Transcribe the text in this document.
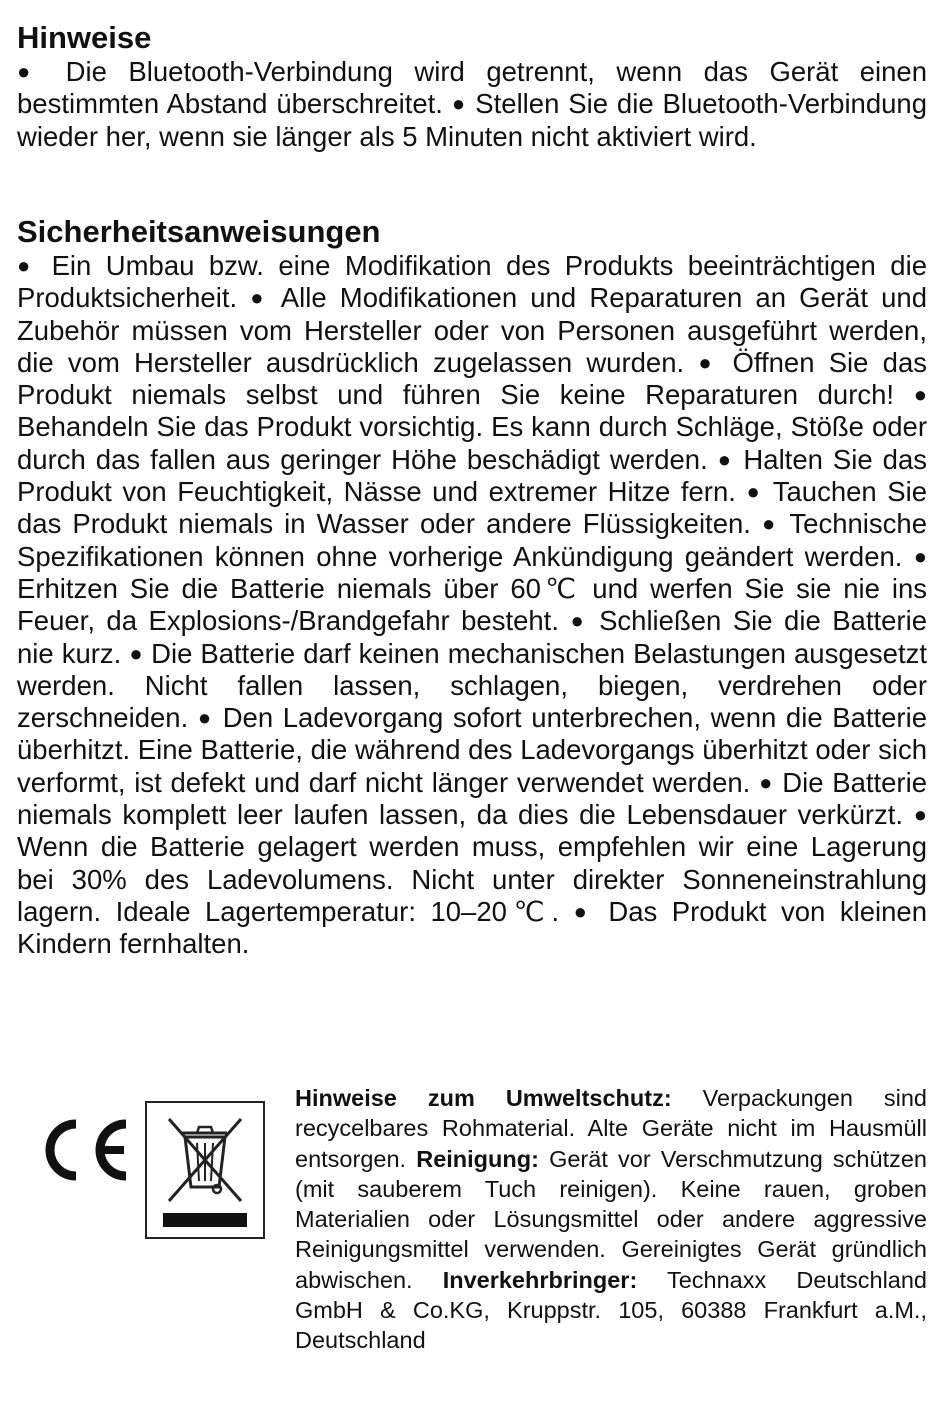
Hinweise

● Die Bluetooth-Verbindung wird getrennt, wenn das Gerät einen bestimmten Abstand überschreitet. ● Stellen Sie die Bluetooth-Verbindung wieder her, wenn sie länger als 5 Minuten nicht aktiviert wird.

Sicherheitsanweisungen

● Ein Umbau bzw. eine Modifikation des Produkts beeinträchtigen die Produktsicherheit. ● Alle Modifikationen und Reparaturen an Gerät und Zubehör müssen vom Hersteller oder von Personen ausgeführt werden, die vom Hersteller ausdrücklich zugelassen wurden. ● Öffnen Sie das Produkt niemals selbst und führen Sie keine Reparaturen durch! ● Behandeln Sie das Produkt vorsichtig. Es kann durch Schläge, Stöße oder durch das fallen aus geringer Höhe beschädigt werden. ● Halten Sie das Produkt von Feuchtigkeit, Nässe und extremer Hitze fern. ● Tauchen Sie das Produkt niemals in Wasser oder andere Flüssigkeiten. ● Technische Spezifikationen können ohne vorherige Ankündigung geändert werden. ● Erhitzen Sie die Batterie niemals über 60℃ und werfen Sie sie nie ins Feuer, da Explosions-/Brandgefahr besteht. ● Schließen Sie die Batterie nie kurz. ● Die Batterie darf keinen mechanischen Belastungen ausgesetzt werden. Nicht fallen lassen, schlagen, biegen, verdrehen oder zerschneiden. ● Den Ladevorgang sofort unterbrechen, wenn die Batterie überhitzt. Eine Batterie, die während des Ladevorgangs überhitzt oder sich verformt, ist defekt und darf nicht länger verwendet werden. ● Die Batterie niemals komplett leer laufen lassen, da dies die Lebensdauer verkürzt. ● Wenn die Batterie gelagert werden muss, empfehlen wir eine Lagerung bei 30% des Ladevolumens. Nicht unter direkter Sonneneinstrahlung lagern. Ideale Lagertemperatur: 10–20℃. ● Das Produkt von kleinen Kindern fernhalten.

Hinweise zum Umweltschutz: Verpackungen sind recycelbares Rohmaterial. Alte Geräte nicht im Hausmüll entsorgen. Reinigung: Gerät vor Verschmutzung schützen (mit sauberem Tuch reinigen). Keine rauen, groben Materialien oder Lösungsmittel oder andere aggressive Reinigungsmittel verwenden. Gereinigtes Gerät gründlich abwischen. Inverkehrbringer: Technaxx Deutschland GmbH & Co.KG, Kruppstr. 105, 60388 Frankfurt a.M., Deutschland
